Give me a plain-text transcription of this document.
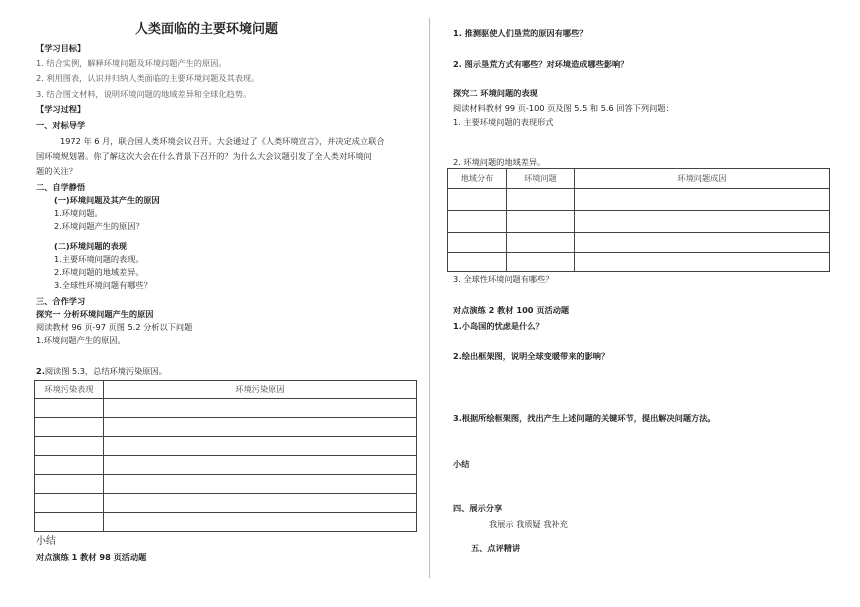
人类面临的主要环境问题
【学习目标】
1. 结合实例，解释环境问题及环境问题产生的原因。
2. 利用图表，认识并归纳人类面临的主要环境问题及其表现。
3. 结合图文材料，说明环境问题的地域差异和全球化趋势。
【学习过程】
一、对标导学
1972 年 6 月，联合国人类环境会议召开。大会通过了《人类环境宣言》，并决定成立联合
国环境规划署。你了解这次大会在什么背景下召开的？为什么大会议题引发了全人类对环境问
题的关注？
二、自学静悟
(一)环境问题及其产生的原因
1.环境问题。
2.环境问题产生的原因？
(二)环境问题的表现
1.主要环境问题的表现。
2.环境问题的地域差异。
3.全球性环境问题有哪些？
三、合作学习
探究一 分析环境问题产生的原因
阅读教材 96 页-97 页图 5.2 分析以下问题
1.环境问题产生的原因。
2.阅读图 5.3，总结环境污染原因。
环境污染表现	环境污染原因

小结
对点演练 1 教材 98 页活动题
1. 推测驱使人们垦荒的原因有哪些？
2. 图示垦荒方式有哪些？对环境造成哪些影响？
探究二 环境问题的表现
阅读材料教材 99 页-100 页及图 5.5 和 5.6 回答下列问题：
1. 主要环境问题的表现形式
2. 环境问题的地域差异。
地域分布	环境问题	环境问题成因

3. 全球性环境问题有哪些？
对点演练 2 教材 100 页活动题
1.小岛国的忧虑是什么？
2.绘出框架图，说明全球变暖带来的影响？
3.根据所绘框架图，找出产生上述问题的关键环节，提出解决问题方法。
小结
四、展示分享
我展示 我质疑 我补充
五、点评精讲
